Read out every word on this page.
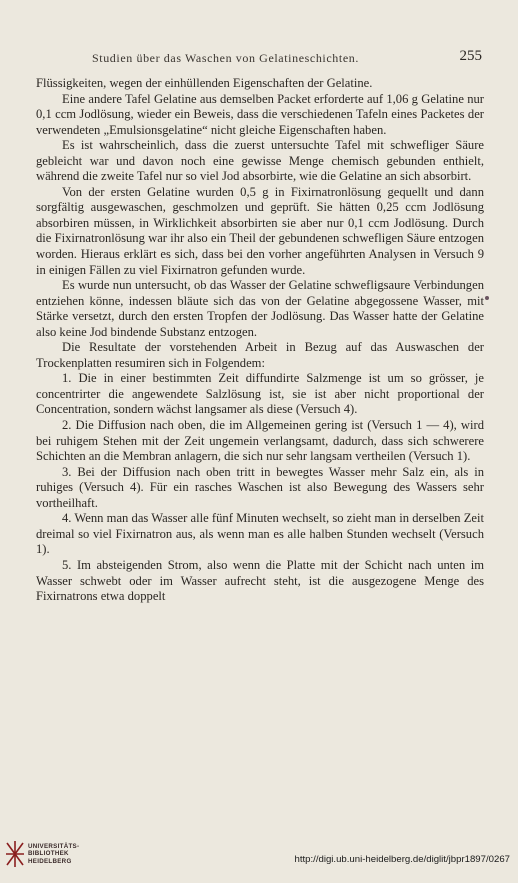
Studien über das Waschen von Gelatineschichten.	255

Flüssigkeiten, wegen der einhüllenden Eigenschaften der Gelatine.

Eine andere Tafel Gelatine aus demselben Packet erforderte auf 1,06 g Gelatine nur 0,1 ccm Jodlösung, wieder ein Beweis, dass die verschiedenen Tafeln eines Packetes der verwendeten „Emulsionsgelatine“ nicht gleiche Eigenschaften haben.

Es ist wahrscheinlich, dass die zuerst untersuchte Tafel mit schwefliger Säure gebleicht war und davon noch eine gewisse Menge chemisch gebunden enthielt, während die zweite Tafel nur so viel Jod absorbirte, wie die Gelatine an sich absorbirt.

Von der ersten Gelatine wurden 0,5 g in Fixirnatronlösung gequellt und dann sorgfältig ausgewaschen, geschmolzen und geprüft. Sie hätten 0,25 ccm Jodlösung absorbiren müssen, in Wirklichkeit absorbirten sie aber nur 0,1 ccm Jodlösung. Durch die Fixirnatronlösung war ihr also ein Theil der gebundenen schwefligen Säure entzogen worden. Hieraus erklärt es sich, dass bei den vorher angeführten Analysen in Versuch 9 in einigen Fällen zu viel Fixirnatron gefunden wurde.

Es wurde nun untersucht, ob das Wasser der Gelatine schwefligsaure Verbindungen entziehen könne, indessen bläute sich das von der Gelatine abgegossene Wasser, mit Stärke versetzt, durch den ersten Tropfen der Jodlösung. Das Wasser hatte der Gelatine also keine Jod bindende Substanz entzogen.

Die Resultate der vorstehenden Arbeit in Bezug auf das Auswaschen der Trockenplatten resumiren sich in Folgendem:

1. Die in einer bestimmten Zeit diffundirte Salzmenge ist um so grösser, je concentrirter die angewendete Salzlösung ist, sie ist aber nicht proportional der Concentration, sondern wächst langsamer als diese (Versuch 4).

2. Die Diffusion nach oben, die im Allgemeinen gering ist (Versuch 1 — 4), wird bei ruhigem Stehen mit der Zeit ungemein verlangsamt, dadurch, dass sich schwerere Schichten an die Membran anlagern, die sich nur sehr langsam vertheilen (Versuch 1).

3. Bei der Diffusion nach oben tritt in bewegtes Wasser mehr Salz ein, als in ruhiges (Versuch 4). Für ein rasches Waschen ist also Bewegung des Wassers sehr vortheilhaft.

4. Wenn man das Wasser alle fünf Minuten wechselt, so zieht man in derselben Zeit dreimal so viel Fixirnatron aus, als wenn man es alle halben Stunden wechselt (Versuch 1).

5. Im absteigenden Strom, also wenn die Platte mit der Schicht nach unten im Wasser schwebt oder im Wasser aufrecht steht, ist die ausgezogene Menge des Fixirnatrons etwa doppelt

UNIVERSITÄTS-
BIBLIOTHEK
HEIDELBERG	http://digi.ub.uni-heidelberg.de/diglit/jbpr1897/0267
